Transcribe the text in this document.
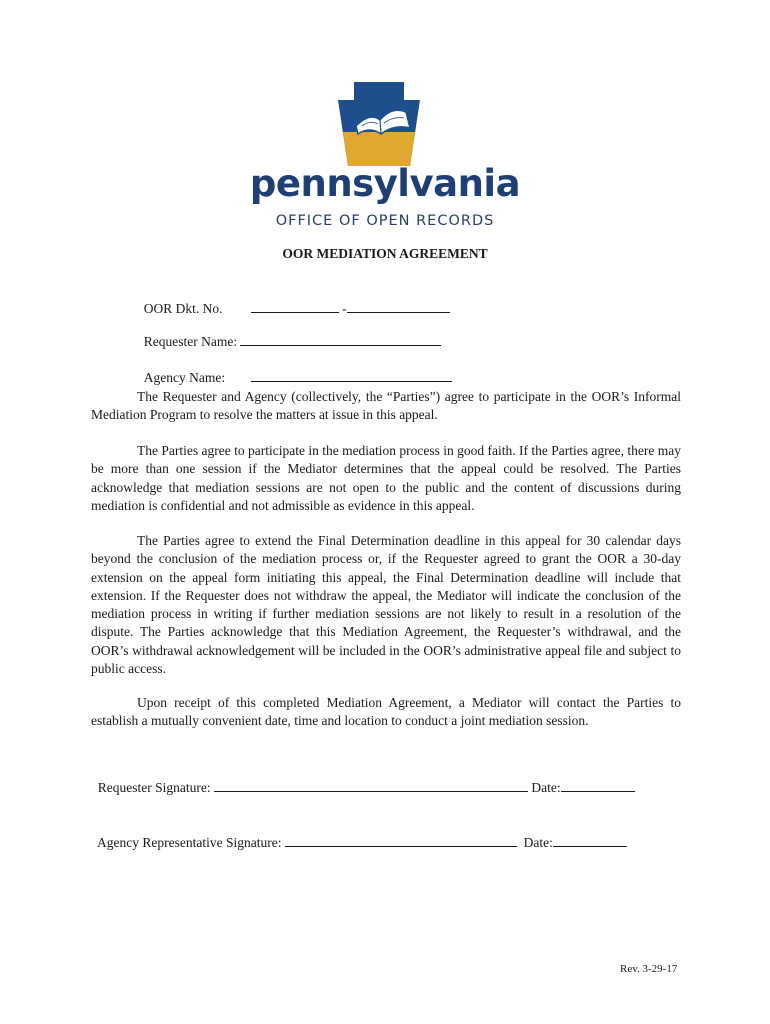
pennsylvania
OFFICE OF OPEN RECORDS
OOR MEDIATION AGREEMENT

OOR Dkt. No.	-

Requester Name:

Agency Name:

The Requester and Agency (collectively, the “Parties”) agree to participate in the OOR’s Informal Mediation Program to resolve the matters at issue in this appeal.

The Parties agree to participate in the mediation process in good faith. If the Parties agree, there may be more than one session if the Mediator determines that the appeal could be resolved. The Parties acknowledge that mediation sessions are not open to the public and the content of discussions during mediation is confidential and not admissible as evidence in this appeal.

The Parties agree to extend the Final Determination deadline in this appeal for 30 calendar days beyond the conclusion of the mediation process or, if the Requester agreed to grant the OOR a 30-day extension on the appeal form initiating this appeal, the Final Determination deadline will include that extension. If the Requester does not withdraw the appeal, the Mediator will indicate the conclusion of the mediation process in writing if further mediation sessions are not likely to result in a resolution of the dispute. The Parties acknowledge that this Mediation Agreement, the Requester’s withdrawal, and the OOR’s withdrawal acknowledgement will be included in the OOR’s administrative appeal file and subject to public access.

Upon receipt of this completed Mediation Agreement, a Mediator will contact the Parties to establish a mutually convenient date, time and location to conduct a joint mediation session.

Requester Signature:	Date:

Agency Representative Signature:	Date:

Rev. 3-29-17
